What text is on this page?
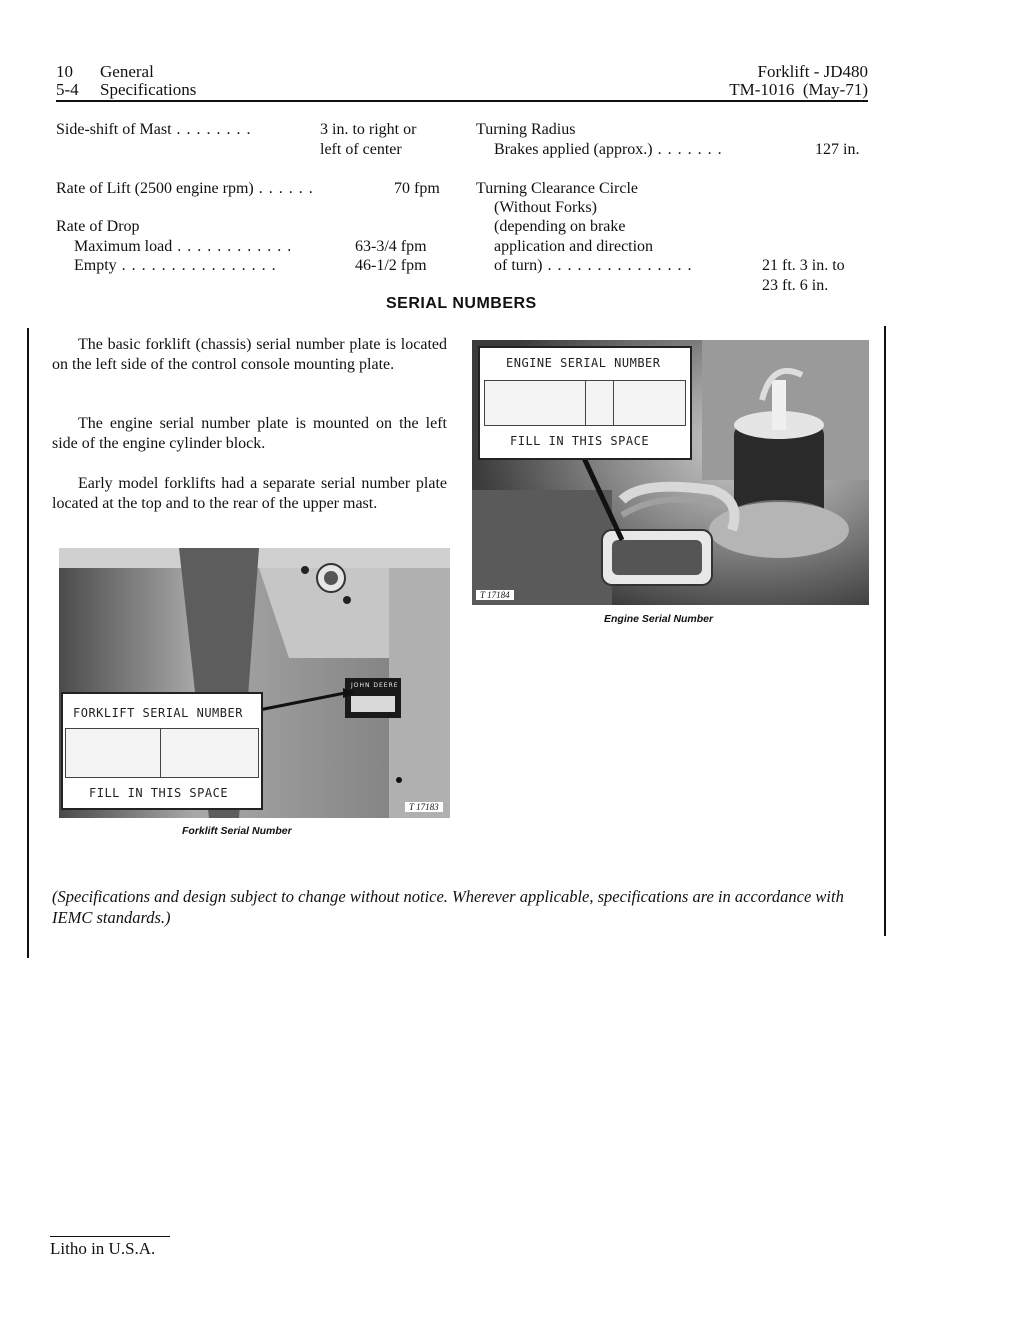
10 General
5-4 Specifications
Forklift - JD480
TM-1016  (May-71)
Side-shift of Mast . . . . . . . .	3 in. to right or
left of center
Rate of Lift (2500 engine rpm) . . . . . .	70 fpm
Rate of Drop
Maximum load . . . . . . . . . . . .	63-3/4 fpm
Empty . . . . . . . . . . . . . . . .	46-1/2 fpm
Turning Radius
Brakes applied (approx.) . . . . . . .	127 in.
Turning Clearance Circle
(Without Forks)
(depending on brake
application and direction
of turn) . . . . . . . . . . . . . . .	21 ft. 3 in. to
23 ft. 6 in.
SERIAL NUMBERS
The basic forklift (chassis) serial number plate is located on the left side of the control console mounting plate.
The engine serial number plate is mounted on the left side of the engine cylinder block.
Early model forklifts had a separate serial number plate located at the top and to the rear of the upper mast.
ENGINE SERIAL NUMBER
FILL IN THIS SPACE
T 17184
Engine Serial Number
JOHN DEERE
FORKLIFT SERIAL NUMBER
FILL IN THIS SPACE
T 17183
Forklift Serial Number
(Specifications and design subject to change without notice. Wherever applicable, specifications are in accordance with IEMC standards.)
Litho in U.S.A.
